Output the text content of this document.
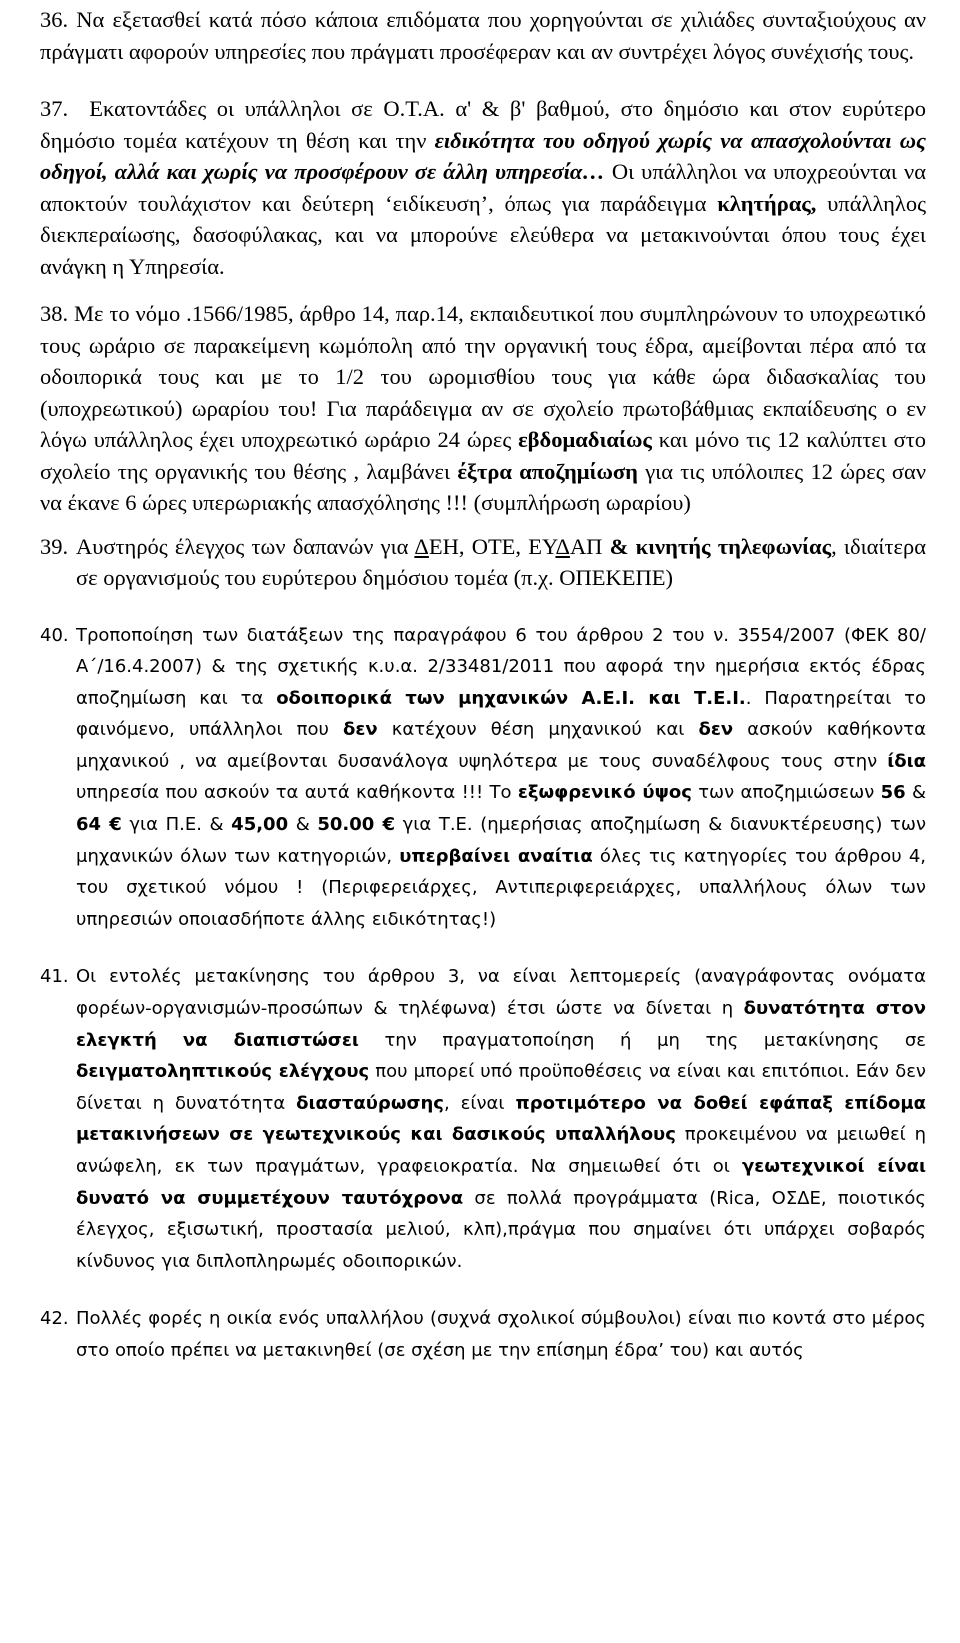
36. Να εξετασθεί κατά πόσο κάποια επιδόματα που χορηγούνται σε χιλιάδες συνταξιούχους αν πράγματι αφορούν υπηρεσίες που πράγματι προσέφεραν και αν συντρέχει λόγος συνέχισής τους.
37. Εκατοντάδες οι υπάλληλοι σε Ο.Τ.Α. α' & β' βαθμού, στο δημόσιο και στον ευρύτερο δημόσιο τομέα κατέχουν τη θέση και την ειδικότητα του οδηγού χωρίς να απασχολούνται ως οδηγοί, αλλά και χωρίς να προσφέρουν σε άλλη υπηρεσία… Οι υπάλληλοι να υποχρεούνται να αποκτούν τουλάχιστον και δεύτερη ‘ειδίκευση’, όπως για παράδειγμα κλητήρας, υπάλληλος διεκπεραίωσης, δασοφύλακας, και να μπορούνε ελεύθερα να μετακινούνται όπου τους έχει ανάγκη η Υπηρεσία.
38. Με το νόμο .1566/1985, άρθρο 14, παρ.14, εκπαιδευτικοί που συμπληρώνουν το υποχρεωτικό τους ωράριο σε παρακείμενη κωμόπολη από την οργανική τους έδρα, αμείβονται πέρα από τα οδοιπορικά τους και με το 1/2 του ωρομισθίου τους για κάθε ώρα διδασκαλίας του (υποχρεωτικού) ωραρίου του! Για παράδειγμα αν σε σχολείο πρωτοβάθμιας εκπαίδευσης ο εν λόγω υπάλληλος έχει υποχρεωτικό ωράριο 24 ώρες εβδομαδιαίως και μόνο τις 12 καλύπτει στο σχολείο της οργανικής του θέσης , λαμβάνει έξτρα αποζημίωση για τις υπόλοιπες 12 ώρες σαν να έκανε 6 ώρες υπερωριακής απασχόλησης !!! (συμπλήρωση ωραρίου)
39. Αυστηρός έλεγχος των δαπανών για ΔΕΗ, ΟΤΕ, ΕΥΔΑΠ & κινητής τηλεφωνίας, ιδιαίτερα σε οργανισμούς του ευρύτερου δημόσιου τομέα (π.χ. ΟΠΕΚΕΠΕ)
40. Τροποποίηση των διατάξεων της παραγράφου 6 του άρθρου 2 του ν. 3554/2007 (ΦΕΚ 80/Α΄/16.4.2007) & της σχετικής κ.υ.α. 2/33481/2011 που αφορά την ημερήσια εκτός έδρας αποζημίωση και τα οδοιπορικά των μηχανικών Α.Ε.Ι. και Τ.Ε.Ι.. Παρατηρείται το φαινόμενο, υπάλληλοι που δεν κατέχουν θέση μηχανικού και δεν ασκούν καθήκοντα μηχανικού , να αμείβονται δυσανάλογα υψηλότερα με τους συναδέλφους τους στην ίδια υπηρεσία που ασκούν τα αυτά καθήκοντα !!! Το εξωφρενικό ύψος των αποζημιώσεων 56 & 64 € για Π.Ε. & 45,00 & 50.00 € για Τ.Ε. (ημερήσιας αποζημίωση & διανυκτέρευσης) των μηχανικών όλων των κατηγοριών, υπερβαίνει αναίτια όλες τις κατηγορίες του άρθρου 4, του σχετικού νόμου ! (Περιφερειάρχες, Αντιπεριφερειάρχες, υπαλλήλους όλων των υπηρεσιών οποιασδήποτε άλλης ειδικότητας!)
41. Οι εντολές μετακίνησης του άρθρου 3, να είναι λεπτομερείς (αναγράφοντας ονόματα φορέων-οργανισμών-προσώπων & τηλέφωνα) έτσι ώστε να δίνεται η δυνατότητα στον ελεγκτή να διαπιστώσει την πραγματοποίηση ή μη της μετακίνησης σε δειγματοληπτικούς ελέγχους που μπορεί υπό προϋποθέσεις να είναι και επιτόπιοι. Εάν δεν δίνεται η δυνατότητα διασταύρωσης, είναι προτιμότερο να δοθεί εφάπαξ επίδομα μετακινήσεων σε γεωτεχνικούς και δασικούς υπαλλήλους προκειμένου να μειωθεί η ανώφελη, εκ των πραγμάτων, γραφειοκρατία. Να σημειωθεί ότι οι γεωτεχνικοί είναι δυνατό να συμμετέχουν ταυτόχρονα σε πολλά προγράμματα (Rica, ΟΣΔΕ, ποιοτικός έλεγχος, εξισωτική, προστασία μελιού, κλπ),πράγμα που σημαίνει ότι υπάρχει σοβαρός κίνδυνος για διπλοπληρωμές οδοιπορικών.
42. Πολλές φορές η οικία ενός υπαλλήλου (συχνά σχολικοί σύμβουλοι) είναι πιο κοντά στο μέρος στο οποίο πρέπει να μετακινηθεί (σε σχέση με την επίσημη έδρα’ του) και αυτός
